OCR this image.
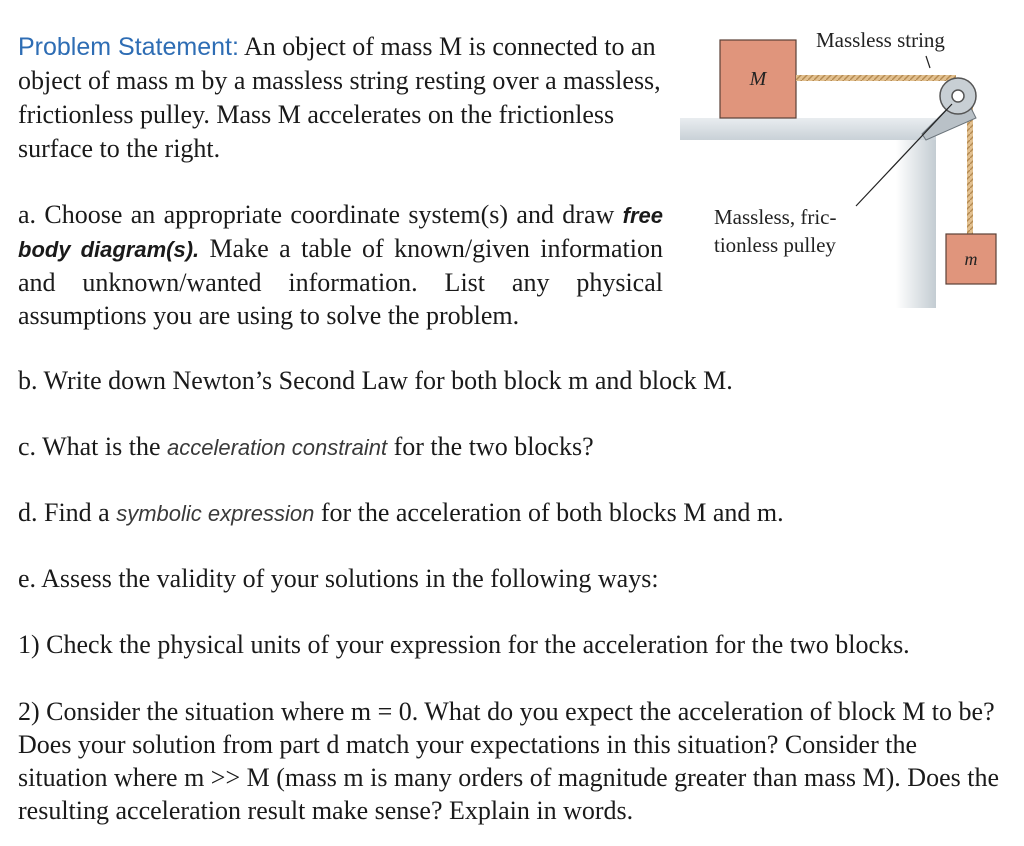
Problem Statement: An object of mass M is connected to an object of mass m by a massless string resting over a massless, frictionless pulley. Mass M accelerates on the frictionless surface to the right.
a. Choose an appropriate coordinate system(s) and draw free body diagram(s). Make a table of known/given information and unknown/wanted information. List any physical assumptions you are using to solve the problem.
b. Write down Newton’s Second Law for both block m and block M.
c. What is the acceleration constraint for the two blocks?
d. Find a symbolic expression for the acceleration of both blocks M and m.
e. Assess the validity of your solutions in the following ways:
1) Check the physical units of your expression for the acceleration for the two blocks.
2) Consider the situation where m = 0. What do you expect the acceleration of block M to be? Does your solution from part d match your expectations in this situation? Consider the situation where m >> M (mass m is many orders of magnitude greater than mass M). Does the resulting acceleration result make sense? Explain in words.
M
m
Massless string
Massless, fric-
tionless pulley
